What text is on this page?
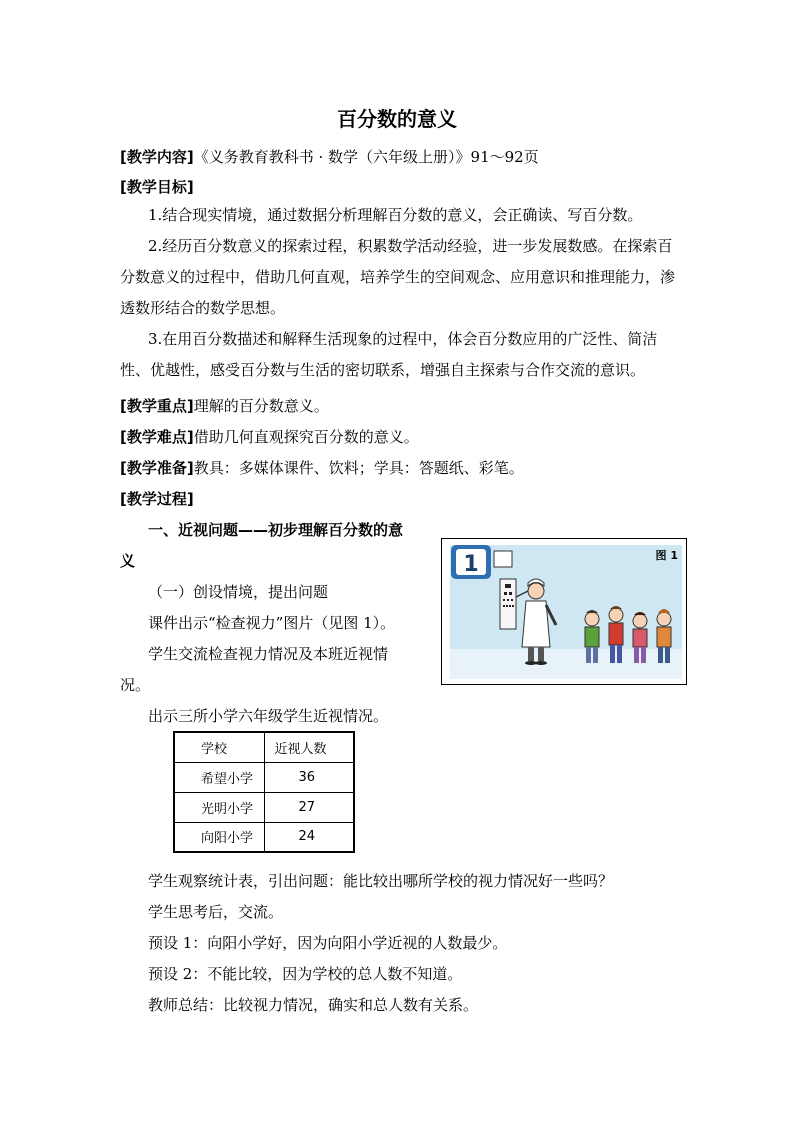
百分数的意义
[教学内容]《义务教育教科书 · 数学（六年级上册）》91～92页
[教学目标]
1.结合现实情境，通过数据分析理解百分数的意义，会正确读、写百分数。
2.经历百分数意义的探索过程，积累数学活动经验，进一步发展数感。在探索百分数意义的过程中，借助几何直观，培养学生的空间观念、应用意识和推理能力，渗透数形结合的数学思想。
3.在用百分数描述和解释生活现象的过程中，体会百分数应用的广泛性、简洁性、优越性，感受百分数与生活的密切联系，增强自主探索与合作交流的意识。
[教学重点]理解的百分数意义。
[教学难点]借助几何直观探究百分数的意义。
[教学准备]教具：多媒体课件、饮料；学具：答题纸、彩笔。
[教学过程]
一、近视问题——初步理解百分数的意
义
（一）创设情境，提出问题
课件出示“检查视力”图片（见图 1）。
学生交流检查视力情况及本班近视情
况。
出示三所小学六年级学生近视情况。
1	图 1
学校	近视人数
希望小学	36
光明小学	27
向阳小学	24
学生观察统计表，引出问题：能比较出哪所学校的视力情况好一些吗？
学生思考后，交流。
预设 1：向阳小学好，因为向阳小学近视的人数最少。
预设 2：不能比较，因为学校的总人数不知道。
教师总结：比较视力情况，确实和总人数有关系。
